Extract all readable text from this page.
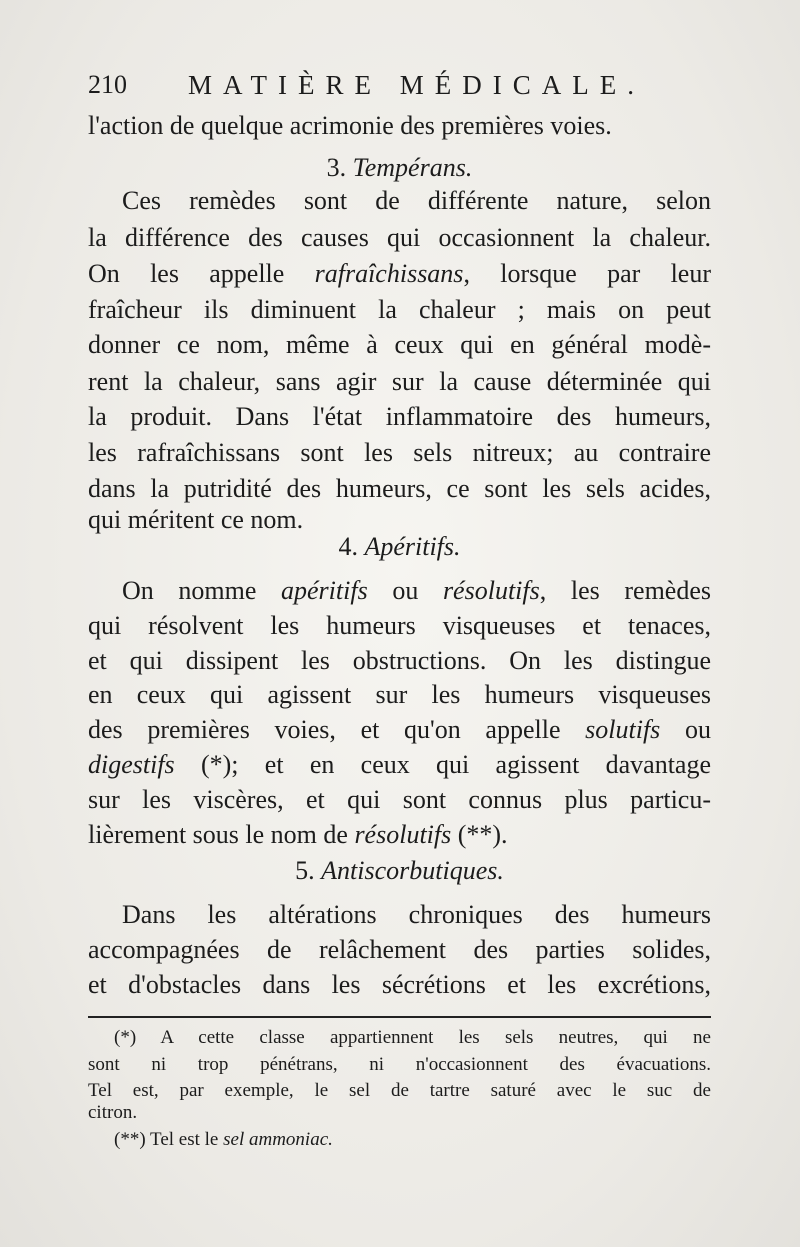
210 MATIÈRE MÉDICALE.
l'action de quelque acrimonie des premières voies.
3. Tempérans.
Ces remèdes sont de différente nature, selon
la différence des causes qui occasionnent la chaleur.
On les appelle rafraîchissans, lorsque par leur
fraîcheur ils diminuent la chaleur ; mais on peut
donner ce nom, même à ceux qui en général modè-
rent la chaleur, sans agir sur la cause déterminée qui
la produit. Dans l'état inflammatoire des humeurs,
les rafraîchissans sont les sels nitreux; au contraire
dans la putridité des humeurs, ce sont les sels acides,
qui méritent ce nom.
4. Apéritifs.
On nomme apéritifs ou résolutifs, les remèdes
qui résolvent les humeurs visqueuses et tenaces,
et qui dissipent les obstructions. On les distingue
en ceux qui agissent sur les humeurs visqueuses
des premières voies, et qu'on appelle solutifs ou
digestifs (*); et en ceux qui agissent davantage
sur les viscères, et qui sont connus plus particu-
lièrement sous le nom de résolutifs (**).
5. Antiscorbutiques.
Dans les altérations chroniques des humeurs
accompagnées de relâchement des parties solides,
et d'obstacles dans les sécrétions et les excrétions,
(*) A cette classe appartiennent les sels neutres, qui ne
sont ni trop pénétrans, ni n'occasionnent des évacuations.
Tel est, par exemple, le sel de tartre saturé avec le suc de
citron.
(**) Tel est le sel ammoniac.
